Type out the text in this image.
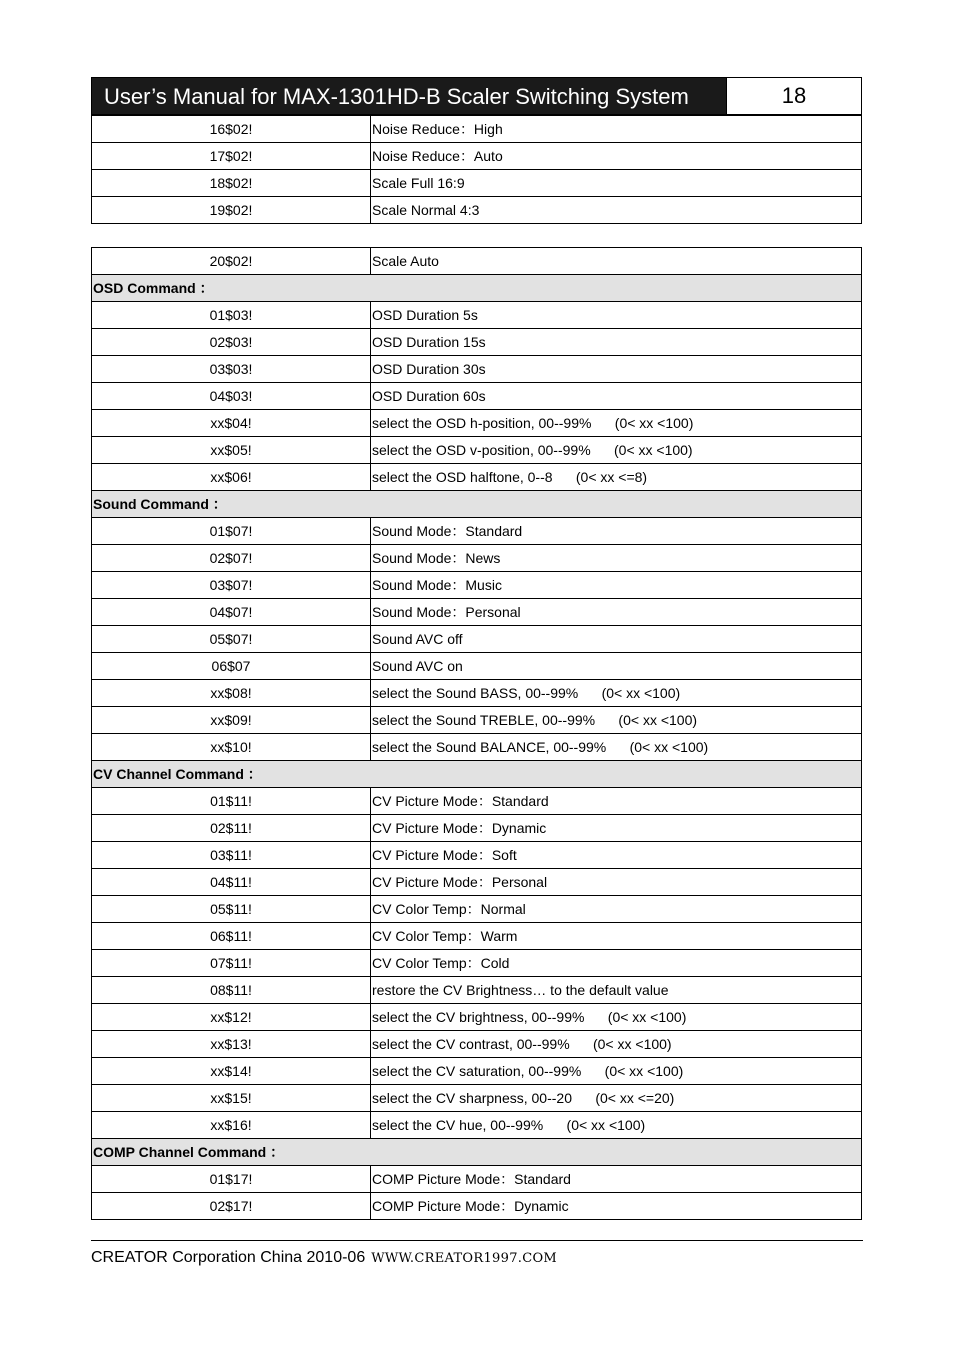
User’s Manual for MAX-1301HD-B Scaler Switching System	18
16$02!	Noise Reduce：High
17$02!	Noise Reduce：Auto
18$02!	Scale Full 16:9
19$02!	Scale Normal 4:3
20$02!	Scale Auto
OSD Command ：	
01$03!	OSD Duration 5s
02$03!	OSD Duration 15s
03$03!	OSD Duration 30s
04$03!	OSD Duration 60s
xx$04!	select the OSD h-position, 00--99%      (0< xx <100)
xx$05!	select the OSD v-position, 00--99%      (0< xx <100)
xx$06!	select the OSD halftone, 0--8      (0< xx <=8)
Sound Command ：	
01$07!	Sound Mode：Standard
02$07!	Sound Mode：News
03$07!	Sound Mode：Music
04$07!	Sound Mode：Personal
05$07!	Sound AVC off
06$07	Sound AVC on
xx$08!	select the Sound BASS, 00--99%      (0< xx <100)
xx$09!	select the Sound TREBLE, 00--99%      (0< xx <100)
xx$10!	select the Sound BALANCE, 00--99%      (0< xx <100)
CV Channel Command ：	
01$11!	CV Picture Mode：Standard
02$11!	CV Picture Mode：Dynamic
03$11!	CV Picture Mode：Soft
04$11!	CV Picture Mode：Personal
05$11!	CV Color Temp：Normal
06$11!	CV Color Temp：Warm
07$11!	CV Color Temp：Cold
08$11!	restore the CV Brightness… to the default value
xx$12!	select the CV brightness, 00--99%      (0< xx <100)
xx$13!	select the CV contrast, 00--99%      (0< xx <100)
xx$14!	select the CV saturation, 00--99%      (0< xx <100)
xx$15!	select the CV sharpness, 00--20      (0< xx <=20)
xx$16!	select the CV hue, 00--99%      (0< xx <100)
COMP Channel Command ：	
01$17!	COMP Picture Mode：Standard
02$17!	COMP Picture Mode：Dynamic
CREATOR Corporation China 2010-06 WWW.CREATOR1997.COM
